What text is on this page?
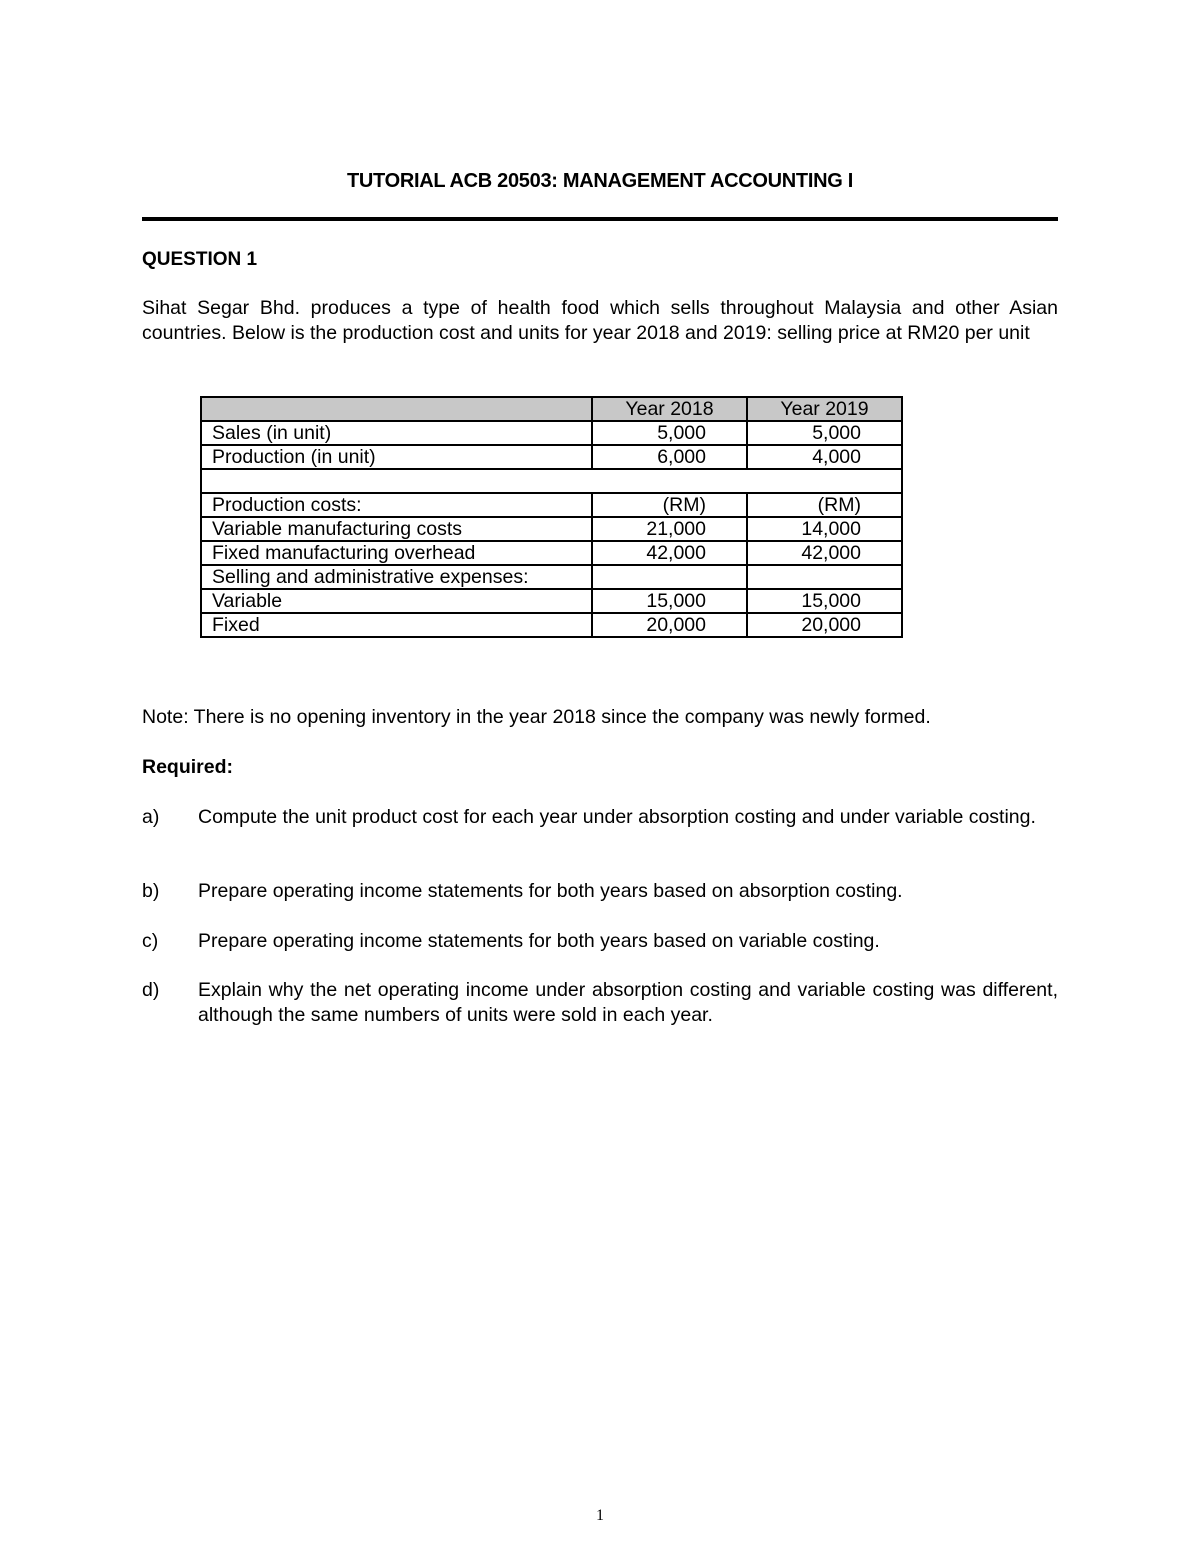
TUTORIAL ACB 20503: MANAGEMENT ACCOUNTING I
QUESTION 1
Sihat Segar Bhd. produces a type of health food which sells throughout Malaysia and other Asian countries. Below is the production cost and units for year 2018 and 2019: selling price at RM20 per unit
	Year 2018	Year 2019
Sales (in unit)	5,000	5,000
Production (in unit)	6,000	4,000

Production costs:	(RM)	(RM)
Variable manufacturing costs	21,000	14,000
Fixed manufacturing overhead	42,000	42,000
Selling and administrative expenses:		
Variable	15,000	15,000
Fixed	20,000	20,000
Note: There is no opening inventory in the year 2018 since the company was newly formed.
Required:
a) Compute the unit product cost for each year under absorption costing and under variable costing.
b) Prepare operating income statements for both years based on absorption costing.
c) Prepare operating income statements for both years based on variable costing.
d) Explain why the net operating income under absorption costing and variable costing was different, although the same numbers of units were sold in each year.
1
